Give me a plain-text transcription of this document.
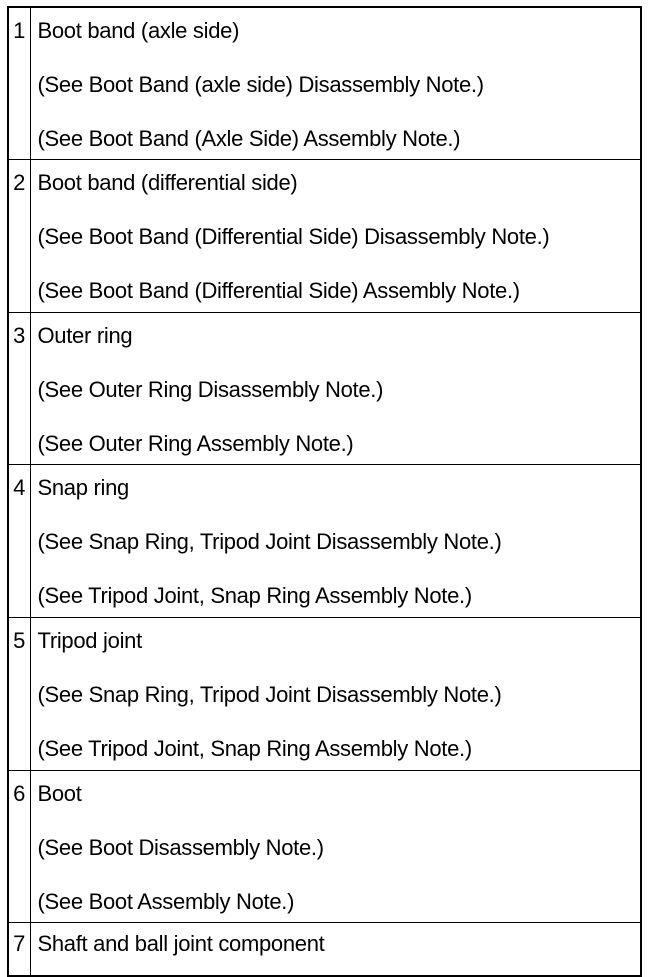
1	Boot band (axle side)
(See Boot Band (axle side) Disassembly Note.)
(See Boot Band (Axle Side) Assembly Note.)

2	Boot band (differential side)
(See Boot Band (Differential Side) Disassembly Note.)
(See Boot Band (Differential Side) Assembly Note.)

3	Outer ring
(See Outer Ring Disassembly Note.)
(See Outer Ring Assembly Note.)

4	Snap ring
(See Snap Ring, Tripod Joint Disassembly Note.)
(See Tripod Joint, Snap Ring Assembly Note.)

5	Tripod joint
(See Snap Ring, Tripod Joint Disassembly Note.)
(See Tripod Joint, Snap Ring Assembly Note.)

6	Boot
(See Boot Disassembly Note.)
(See Boot Assembly Note.)

7	Shaft and ball joint component
